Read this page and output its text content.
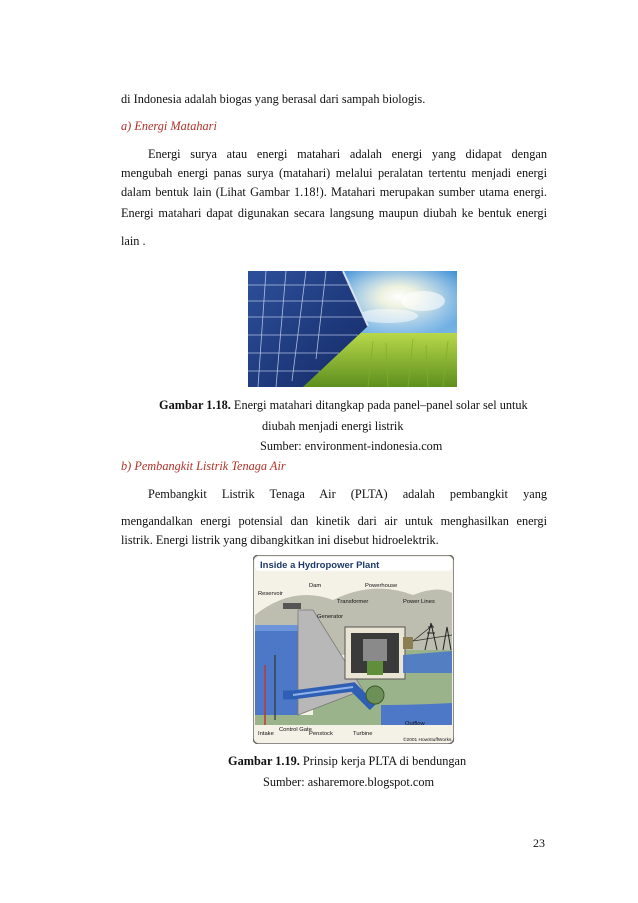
di Indonesia adalah biogas yang berasal dari sampah biologis.
a) Energi Matahari
Energi surya atau energi matahari adalah energi yang didapat dengan
mengubah energi panas surya (matahari) melalui peralatan tertentu menjadi energi
dalam bentuk lain (Lihat Gambar 1.18!). Matahari merupakan sumber utama energi.
Energi matahari dapat digunakan secara langsung maupun diubah ke bentuk energi
lain .
Gambar 1.18. Energi matahari ditangkap pada panel–panel solar sel untuk
diubah menjadi energi listrik
Sumber: environment-indonesia.com
b) Pembangkit Listrik Tenaga Air
Pembangkit Listrik Tenaga Air (PLTA) adalah pembangkit yang
mengandalkan energi potensial dan kinetik dari air untuk menghasilkan energi
listrik. Energi listrik yang dibangkitkan ini disebut hidroelektrik.
Inside a Hydropower Plant
Reservoir
Dam	Powerhouse
Transformer
Generator
Power Lines
Intake
Control Gate
Penstock	Turbine
Outflow
©2001 HowStuffWorks
Gambar 1.19. Prinsip kerja PLTA di bendungan
Sumber: asharemore.blogspot.com
23
